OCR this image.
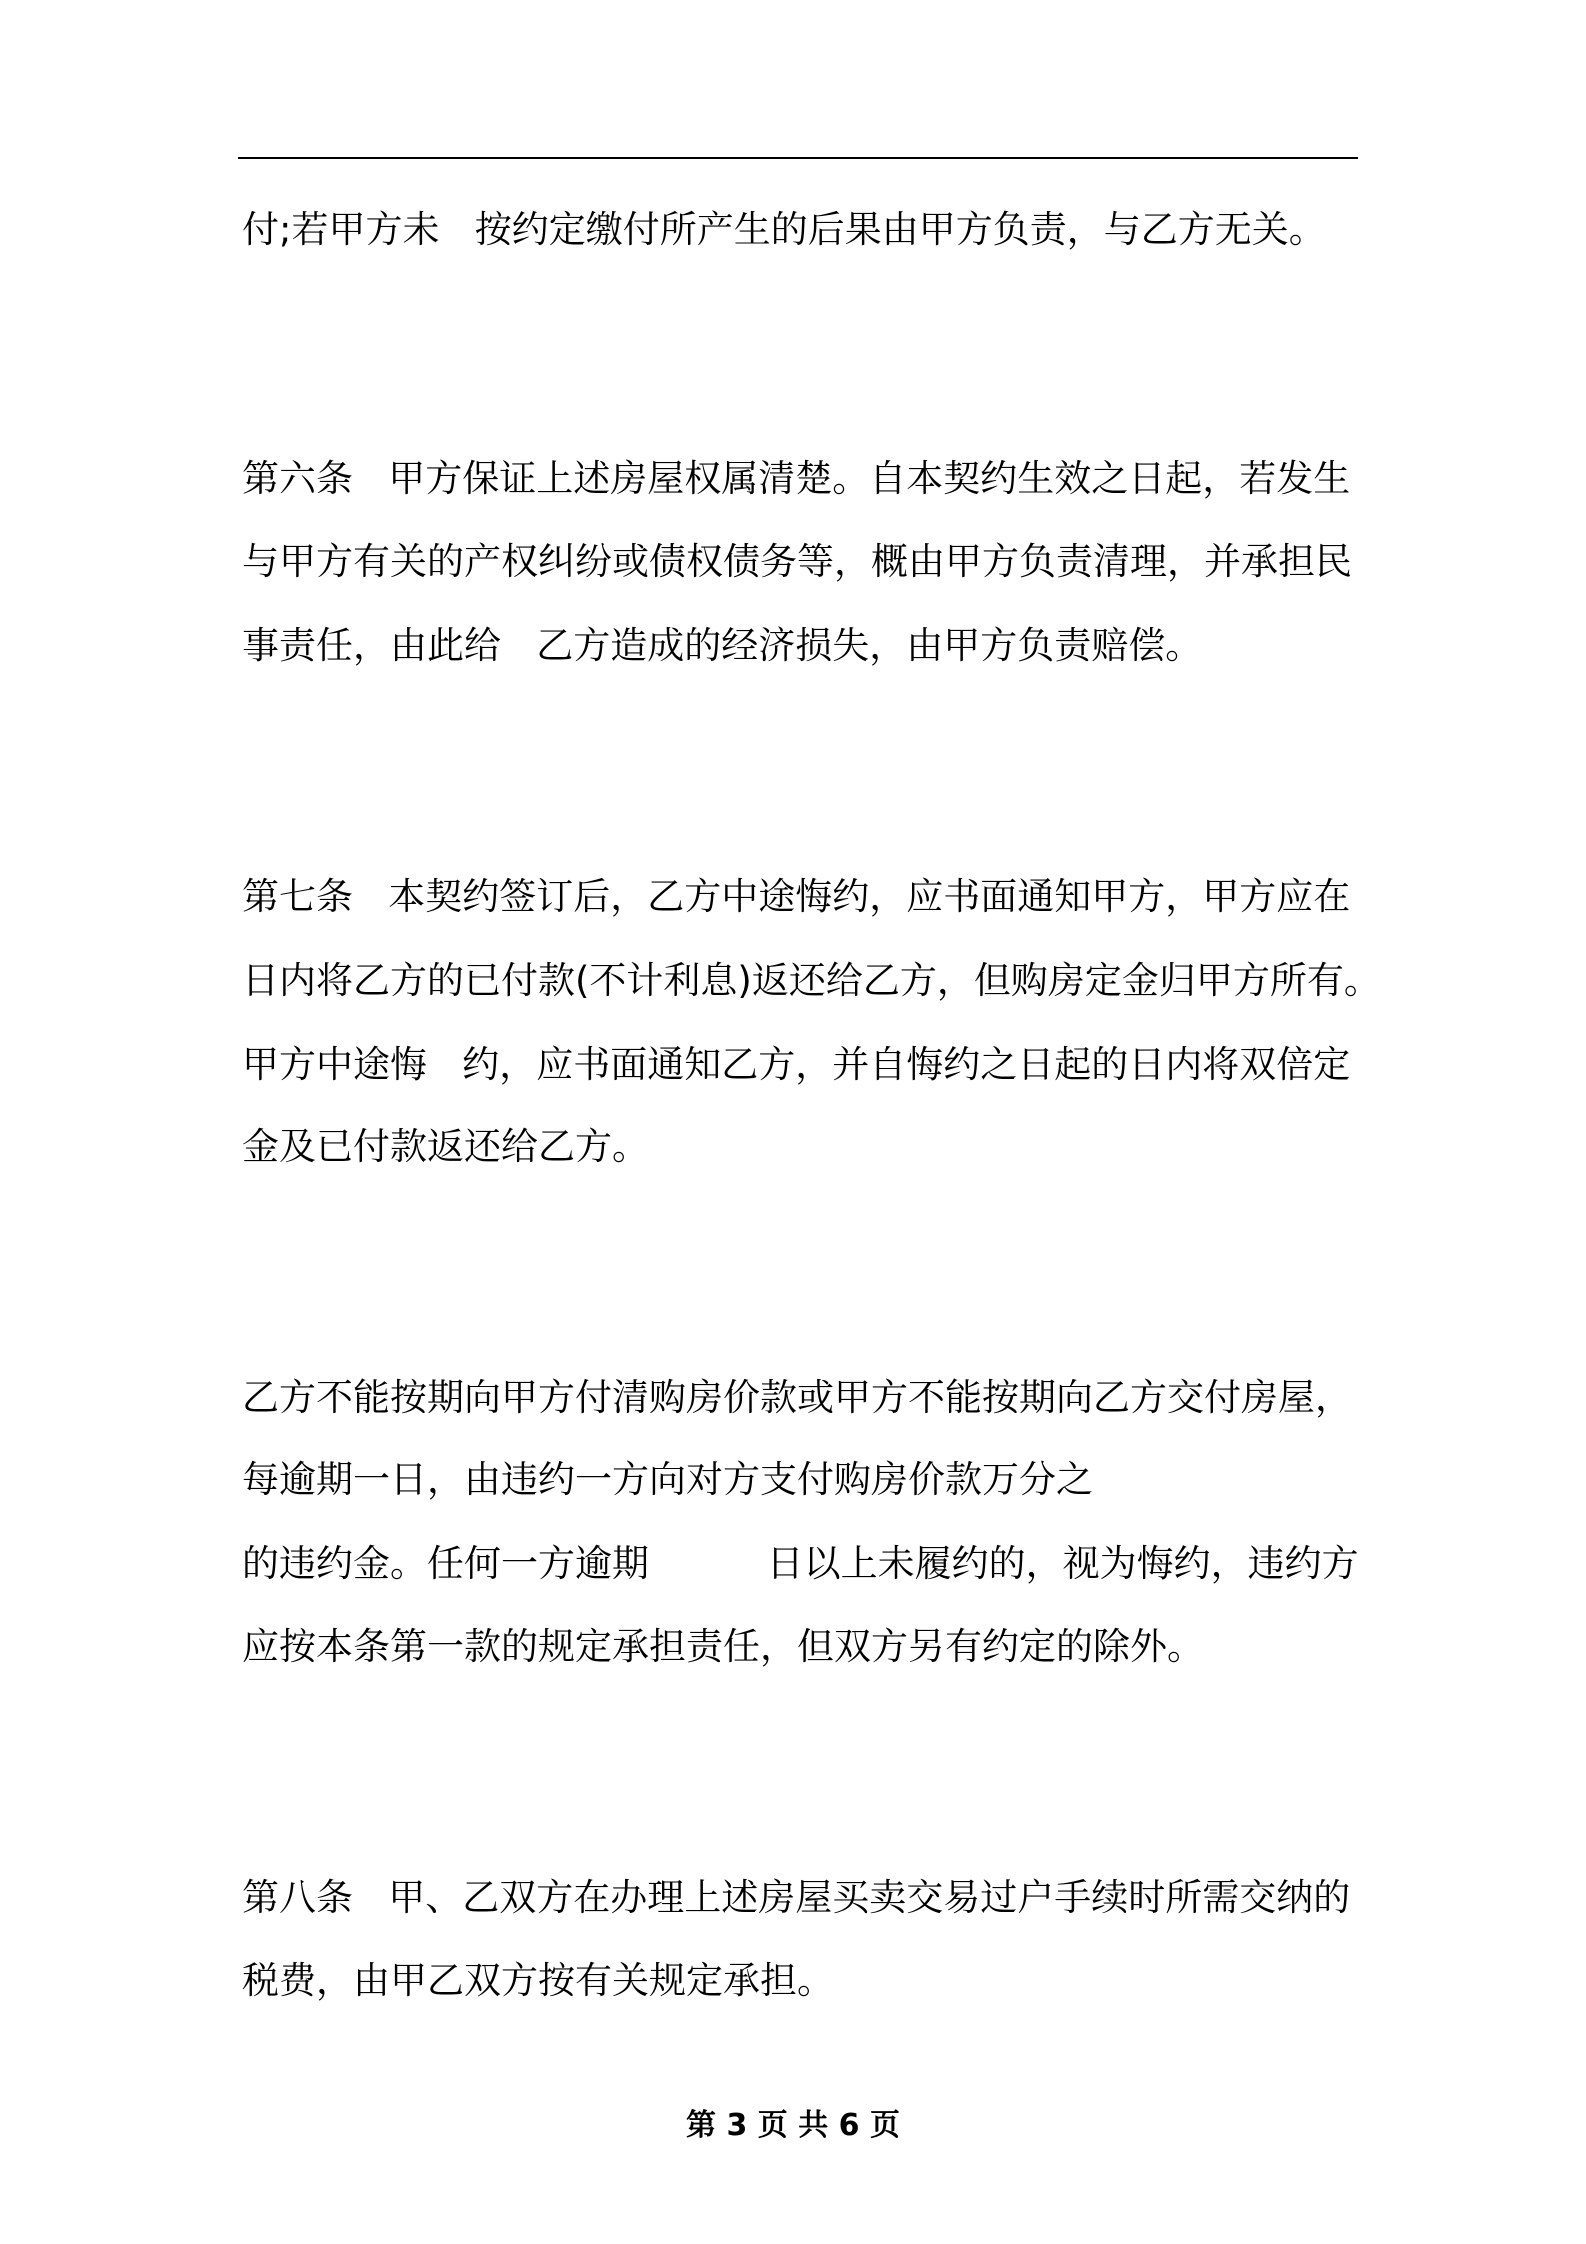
付;若甲方未   按约定缴付所产生的后果由甲方负责，与乙方无关。
第六条   甲方保证上述房屋权属清楚。自本契约生效之日起，若发生
与甲方有关的产权纠纷或债权债务等，概由甲方负责清理，并承担民
事责任，由此给   乙方造成的经济损失，由甲方负责赔偿。
第七条   本契约签订后，乙方中途悔约，应书面通知甲方，甲方应在
日内将乙方的已付款(不计利息)返还给乙方，但购房定金归甲方所有。
甲方中途悔   约，应书面通知乙方，并自悔约之日起的日内将双倍定
金及已付款返还给乙方。
乙方不能按期向甲方付清购房价款或甲方不能按期向乙方交付房屋，
每逾期一日，由违约一方向对方支付购房价款万分之
的违约金。任何一方逾期          日以上未履约的，视为悔约，违约方
应按本条第一款的规定承担责任，但双方另有约定的除外。
第八条   甲、乙双方在办理上述房屋买卖交易过户手续时所需交纳的
税费，由甲乙双方按有关规定承担。
第 3 页 共 6 页
